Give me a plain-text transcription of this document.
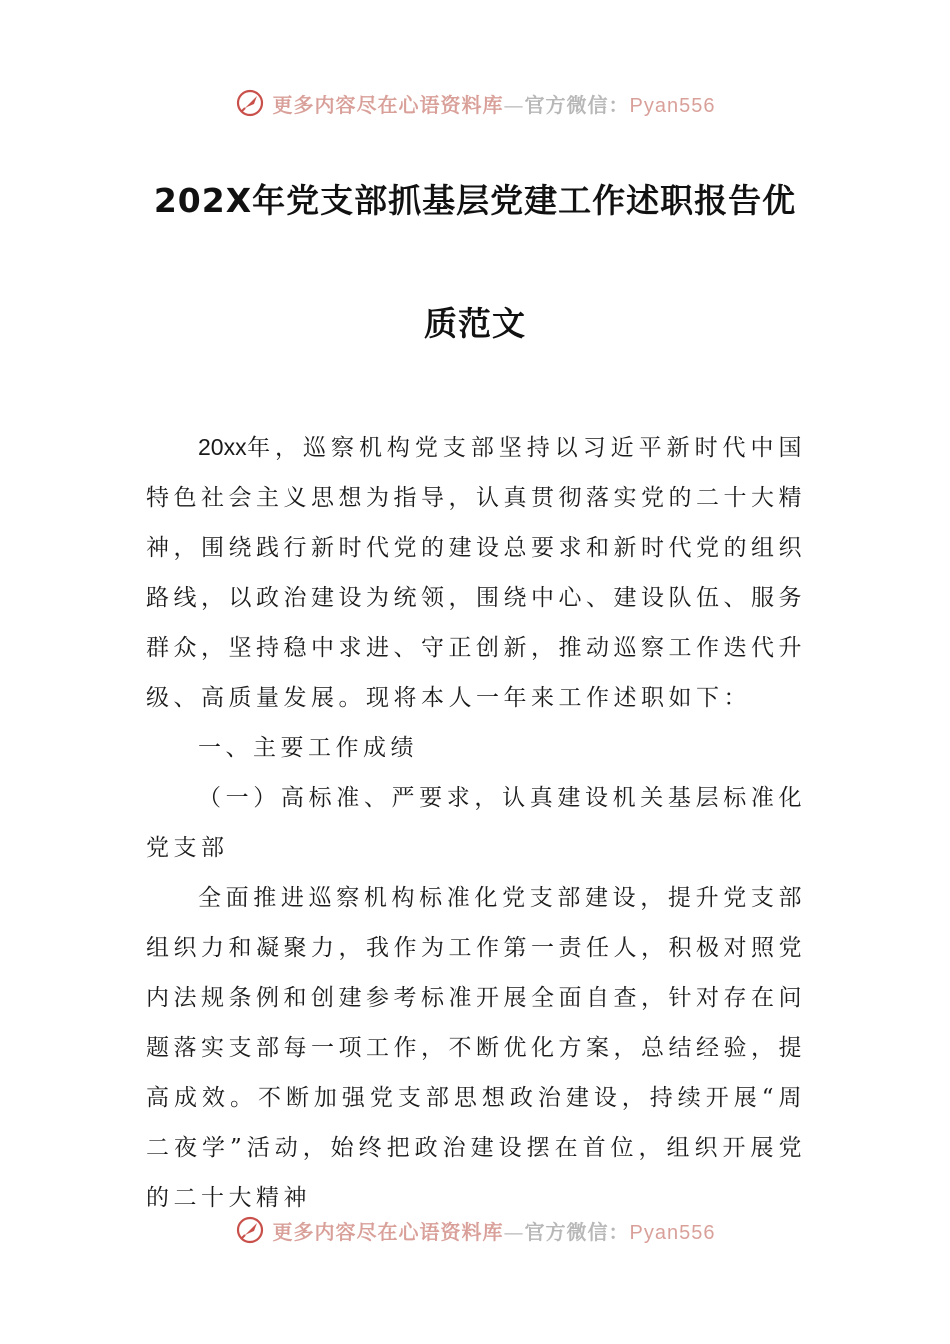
更多内容尽在心语资料库—官方微信：Pyan556
202X年党支部抓基层党建工作述职报告优
质范文

20xx年，巡察机构党支部坚持以习近平新时代中国特色社会主义思想为指导，认真贯彻落实党的二十大精神，围绕践行新时代党的建设总要求和新时代党的组织路线，以政治建设为统领，围绕中心、建设队伍、服务群众，坚持稳中求进、守正创新，推动巡察工作迭代升级、高质量发展。现将本人一年来工作述职如下：

一、主要工作成绩

（一）高标准、严要求，认真建设机关基层标准化党支部

全面推进巡察机构标准化党支部建设，提升党支部组织力和凝聚力，我作为工作第一责任人，积极对照党内法规条例和创建参考标准开展全面自查，针对存在问题落实支部每一项工作，不断优化方案，总结经验，提高成效。不断加强党支部思想政治建设，持续开展“周二夜学”活动，始终把政治建设摆在首位，组织开展党的二十大精神

更多内容尽在心语资料库—官方微信：Pyan556
